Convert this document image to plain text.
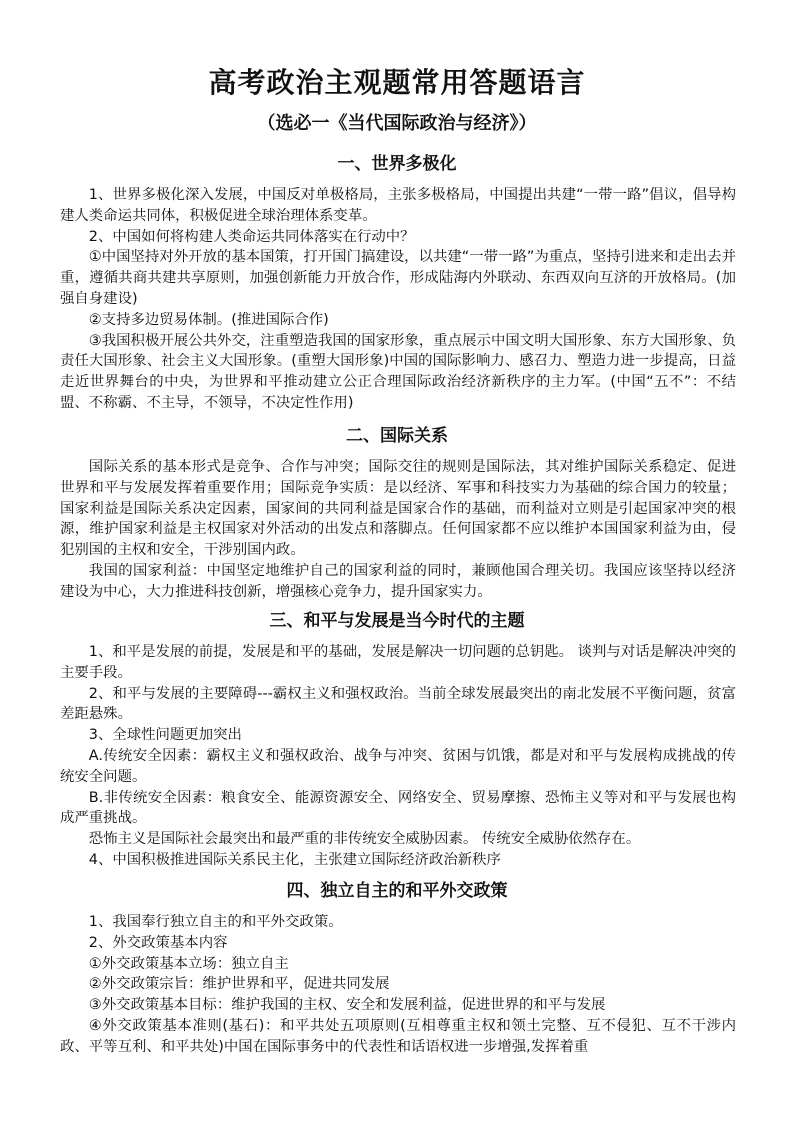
高考政治主观题常用答题语言
（选必一《当代国际政治与经济》）
一、世界多极化

1、世界多极化深入发展，中国反对单极格局，主张多极格局，中国提出共建“一带一路”倡议，倡导构建人类命运共同体，积极促进全球治理体系变革。

2、中国如何将构建人类命运共同体落实在行动中？

①中国坚持对外开放的基本国策，打开国门搞建设，以共建“一带一路”为重点，坚持引进来和走出去并重，遵循共商共建共享原则，加强创新能力开放合作，形成陆海内外联动、东西双向互济的开放格局。(加强自身建设)

②支持多边贸易体制。(推进国际合作)

③我国积极开展公共外交，注重塑造我国的国家形象，重点展示中国文明大国形象、东方大国形象、负责任大国形象、社会主义大国形象。(重塑大国形象)中国的国际影响力、感召力、塑造力进一步提高，日益走近世界舞台的中央，为世界和平推动建立公正合理国际政治经济新秩序的主力军。(中国“五不”：不结盟、不称霸、不主导，不领导，不决定性作用)

二、国际关系

国际关系的基本形式是竞争、合作与冲突；国际交往的规则是国际法，其对维护国际关系稳定、促进世界和平与发展发挥着重要作用；国际竞争实质：是以经济、军事和科技实力为基础的综合国力的较量；国家利益是国际关系决定因素，国家间的共同利益是国家合作的基础，而利益对立则是引起国家冲突的根源，维护国家利益是主权国家对外活动的出发点和落脚点。任何国家都不应以维护本国国家利益为由，侵犯别国的主权和安全，干涉别国内政。

我国的国家利益：中国坚定地维护自己的国家利益的同时，兼顾他国合理关切。我国应该坚持以经济建设为中心，大力推进科技创新，增强核心竞争力，提升国家实力。

三、和平与发展是当今时代的主题

1、和平是发展的前提，发展是和平的基础，发展是解决一切问题的总钥匙。 谈判与对话是解决冲突的主要手段。

2、和平与发展的主要障碍---霸权主义和强权政治。当前全球发展最突出的南北发展不平衡问题，贫富差距悬殊。

3、全球性问题更加突出

A.传统安全因素：霸权主义和强权政治、战争与冲突、贫困与饥饿，都是对和平与发展构成挑战的传统安全问题。

B.非传统安全因素：粮食安全、能源资源安全、网络安全、贸易摩擦、恐怖主义等对和平与发展也构成严重挑战。

恐怖主义是国际社会最突出和最严重的非传统安全威胁因素。 传统安全威胁依然存在。

4、中国积极推进国际关系民主化，主张建立国际经济政治新秩序

四、独立自主的和平外交政策

1、我国奉行独立自主的和平外交政策。

2、外交政策基本内容

①外交政策基本立场：独立自主

②外交政策宗旨：维护世界和平，促进共同发展

③外交政策基本目标：维护我国的主权、安全和发展利益，促进世界的和平与发展

④外交政策基本准则(基石)：和平共处五项原则(互相尊重主权和领土完整、互不侵犯、互不干涉内政、平等互利、和平共处)中国在国际事务中的代表性和话语权进一步增强,发挥着重
